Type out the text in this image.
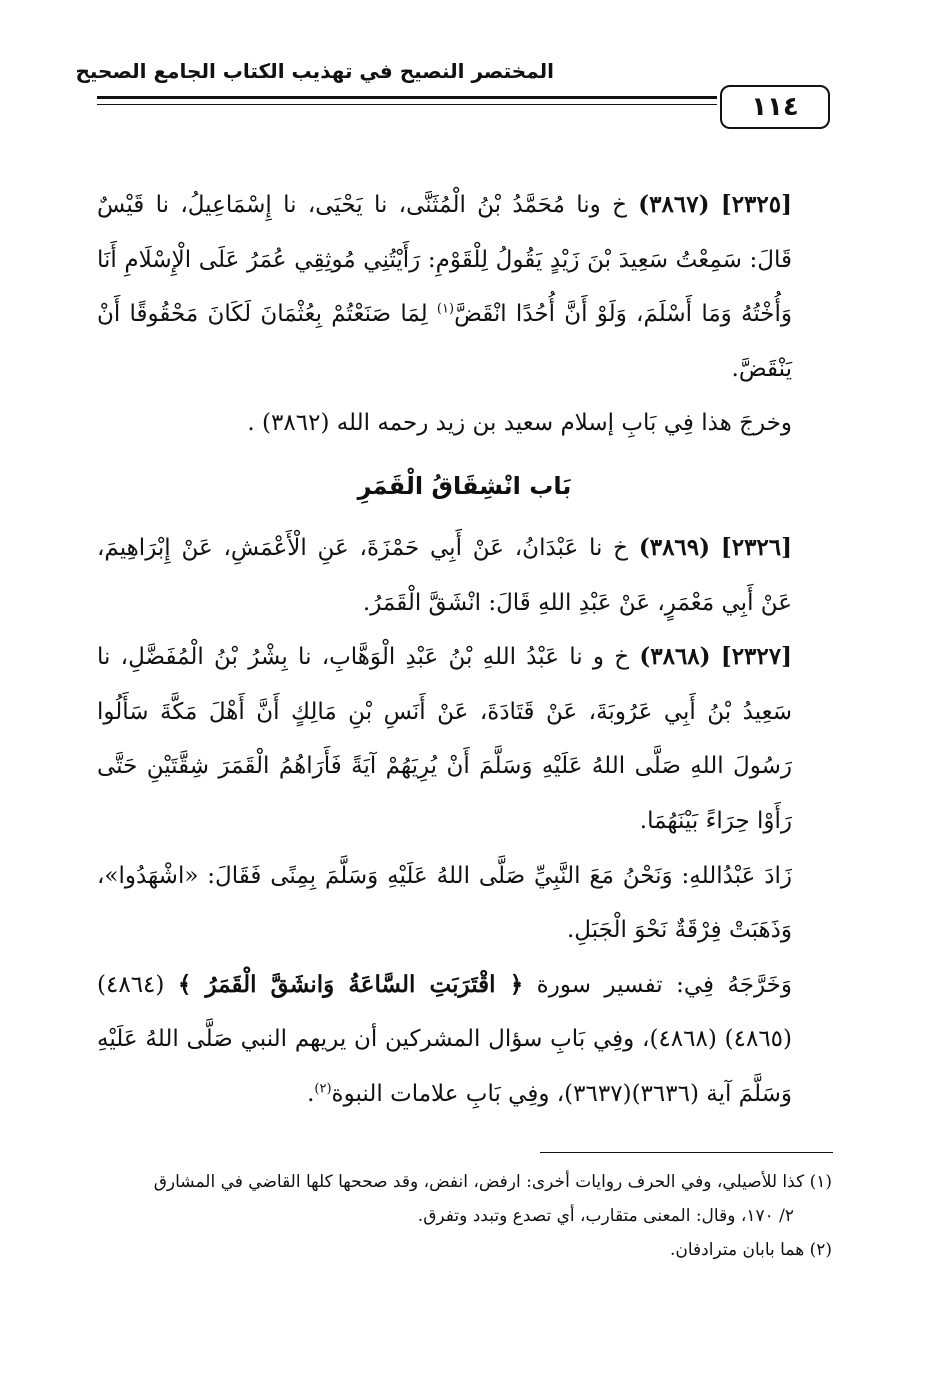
المختصر النصيح في تهذيب الكتاب الجامع الصحيح
١١٤

[٢٣٢٥] (٣٨٦٧) خ ونا مُحَمَّدُ بْنُ الْمُثَنَّى، نا يَحْيَى، نا إِسْمَاعِيلُ، نا قَيْسٌ قَالَ: سَمِعْتُ سَعِيدَ بْنَ زَيْدٍ يَقُولُ لِلْقَوْمِ: رَأَيْتُنِي مُوثِقِي عُمَرُ عَلَى الْإِسْلَامِ أَنَا وَأُخْتُهُ وَمَا أَسْلَمَ، وَلَوْ أَنَّ أُحُدًا انْقَضَّ$^{(١)}$ لِمَا صَنَعْتُمْ بِعُثْمَانَ لَكَانَ مَحْقُوقًا أَنْ يَنْقَضَّ.

وخرجَ هذا فِي بَابِ إسلام سعيد بن زيد رحمه الله (٣٨٦٢) .

بَاب انْشِقَاقُ الْقَمَرِ

[٢٣٢٦] (٣٨٦٩) خ نا عَبْدَانُ، عَنْ أَبِي حَمْزَةَ، عَنِ الْأَعْمَشِ، عَنْ إِبْرَاهِيمَ، عَنْ أَبِي مَعْمَرٍ، عَنْ عَبْدِ اللهِ قَالَ: انْشَقَّ الْقَمَرُ.

[٢٣٢٧] (٣٨٦٨) خ و نا عَبْدُ اللهِ بْنُ عَبْدِ الْوَهَّابِ، نا بِشْرُ بْنُ الْمُفَضَّلِ، نا سَعِيدُ بْنُ أَبِي عَرُوبَةَ، عَنْ قَتَادَةَ، عَنْ أَنَسِ بْنِ مَالِكٍ أَنَّ أَهْلَ مَكَّةَ سَأَلُوا رَسُولَ اللهِ صَلَّى اللهُ عَلَيْهِ وَسَلَّمَ أَنْ يُرِيَهُمْ آيَةً فَأَرَاهُمُ الْقَمَرَ شِقَّتَيْنِ حَتَّى رَأَوْا حِرَاءً بَيْنَهُمَا.

زَادَ عَبْدُاللهِ: وَنَحْنُ مَعَ النَّبِيِّ صَلَّى اللهُ عَلَيْهِ وَسَلَّمَ بِمِنًى فَقَالَ: «اشْهَدُوا»، وَذَهَبَتْ فِرْقَةٌ نَحْوَ الْجَبَلِ.

وَخَرَّجَهُ فِي: تفسير سورة ﴿ اقْتَرَبَتِ السَّاعَةُ وَانشَقَّ الْقَمَرُ ﴾ (٤٨٦٤) (٤٨٦٥) (٤٨٦٨)، وفِي بَابِ سؤال المشركين أن يريهم النبي صَلَّى اللهُ عَلَيْهِ وَسَلَّمَ آية (٣٦٣٦)(٣٦٣٧)، وفِي بَابِ علامات النبوة$^{(٢)}$.

(١) كذا للأصيلي، وفي الحرف روايات أخرى: ارفض، انفض، وقد صححها كلها القاضي في المشارق

٢/ ١٧٠، وقال: المعنى متقارب، أي تصدع وتبدد وتفرق.

(٢) هما بابان مترادفان.
